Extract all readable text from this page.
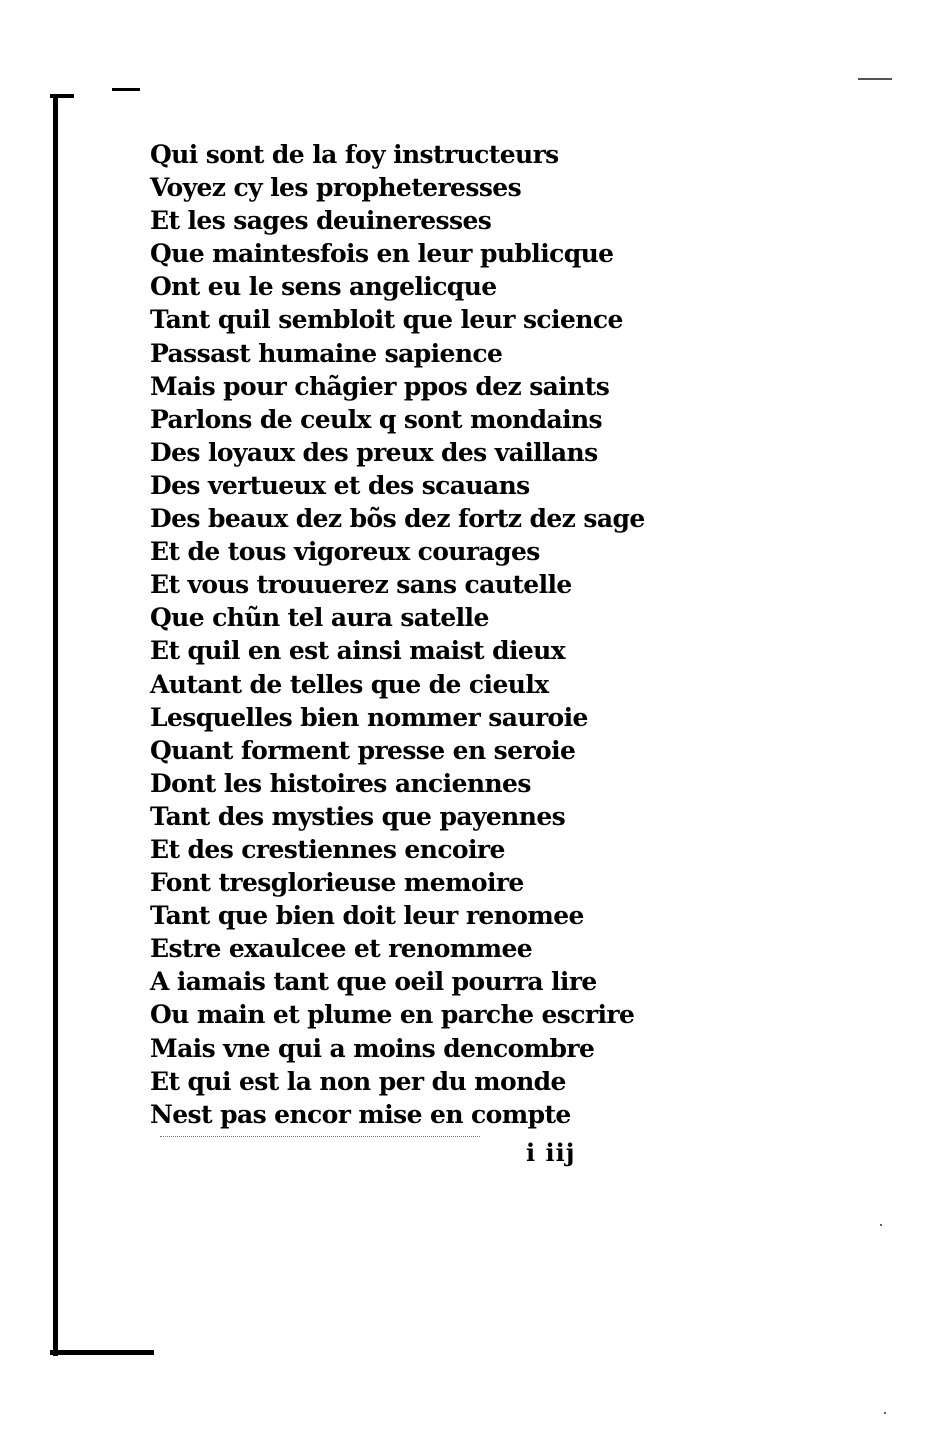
Qui sont de la foy instructeurs
Voyez cy les propheteresses
Et les sages deuineresses
Que maintesfois en leur publicque
Ont eu le sens angelicque
Tant quil sembloit que leur science
Passast humaine sapience
Mais pour chãgier ppos dez saints
Parlons de ceulx q sont mondains
Des loyaux des preux des vaillans
Des vertueux et des scauans
Des beaux dez bõs dez fortz dez sage
Et de tous vigoreux courages
Et vous trouuerez sans cautelle
Que chũn tel aura satelle
Et quil en est ainsi maist dieux
Autant de telles que de cieulx
Lesquelles bien nommer sauroie
Quant forment presse en seroie
Dont les histoires anciennes
Tant des mysties que payennes
Et des crestiennes encoire
Font tresglorieuse memoire
Tant que bien doit leur renomee
Estre exaulcee et renommee
A iamais tant que oeil pourra lire
Ou main et plume en parche escrire
Mais vne qui a moins dencombre
Et qui est la non per du monde
Nest pas encor mise en compte
i iij
